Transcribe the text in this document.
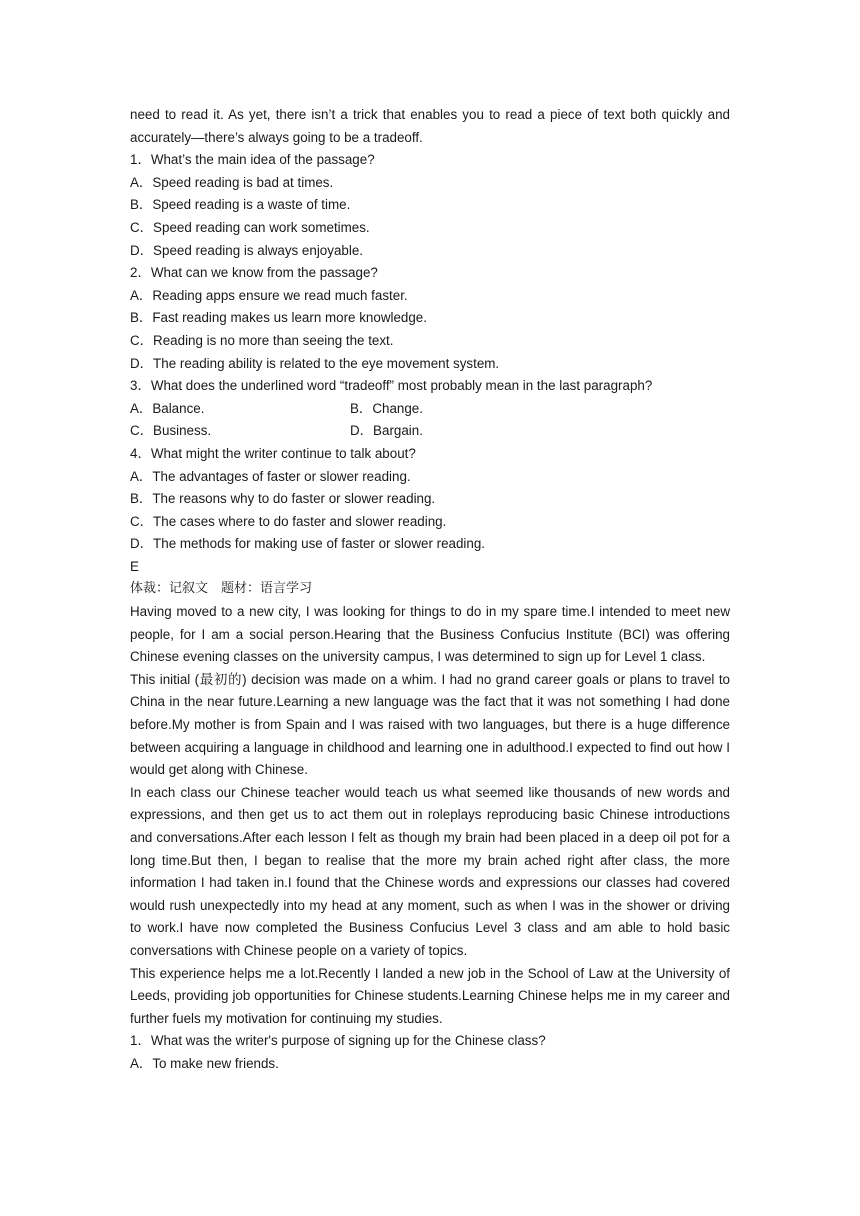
need to read it. As yet, there isn’t a trick that enables you to read a piece of text both quickly and accurately—there’s always going to be a tradeoff.

1．What’s the main idea of the passage?

A．Speed reading is bad at times.

B．Speed reading is a waste of time.

C．Speed reading can work sometimes.

D．Speed reading is always enjoyable.

2．What can we know from the passage?

A．Reading apps ensure we read much faster.

B．Fast reading makes us learn more knowledge.

C．Reading is no more than seeing the text.

D．The reading ability is related to the eye movement system.

3．What does the underlined word “tradeoff” most probably mean in the last paragraph?

A．Balance.	B．Change.
C．Business.	D．Bargain.

4．What might the writer continue to talk about?

A．The advantages of faster or slower reading.

B．The reasons why to do faster or slower reading.

C．The cases where to do faster and slower reading.

D．The methods for making use of faster or slower reading.

E

体裁：记叙文　题材：语言学习

Having moved to a new city, I was looking for things to do in my spare time.I intended to meet new people, for I am a social person.Hearing that the Business Confucius Institute (BCI) was offering Chinese evening classes on the university campus, I was determined to sign up for Level 1 class.

This initial (最初的) decision was made on a whim. I had no grand career goals or plans to travel to China in the near future.Learning a new language was the fact that it was not something I had done before.My mother is from Spain and I was raised with two languages, but there is a huge difference between acquiring a language in childhood and learning one in adulthood.I expected to find out how I would get along with Chinese.

In each class our Chinese teacher would teach us what seemed like thousands of new words and expressions, and then get us to act them out in roleplays reproducing basic Chinese introductions and conversations.After each lesson I felt as though my brain had been placed in a deep oil pot for a long time.But then, I began to realise that the more my brain ached right after class, the more information I had taken in.I found that the Chinese words and expressions our classes had covered would rush unexpectedly into my head at any moment, such as when I was in the shower or driving to work.I have now completed the Business Confucius Level 3 class and am able to hold basic conversations with Chinese people on a variety of topics.

This experience helps me a lot.Recently I landed a new job in the School of Law at the University of Leeds, providing job opportunities for Chinese students.Learning Chinese helps me in my career and further fuels my motivation for continuing my studies.

1．What was the writer's purpose of signing up for the Chinese class?

A．To make new friends.
